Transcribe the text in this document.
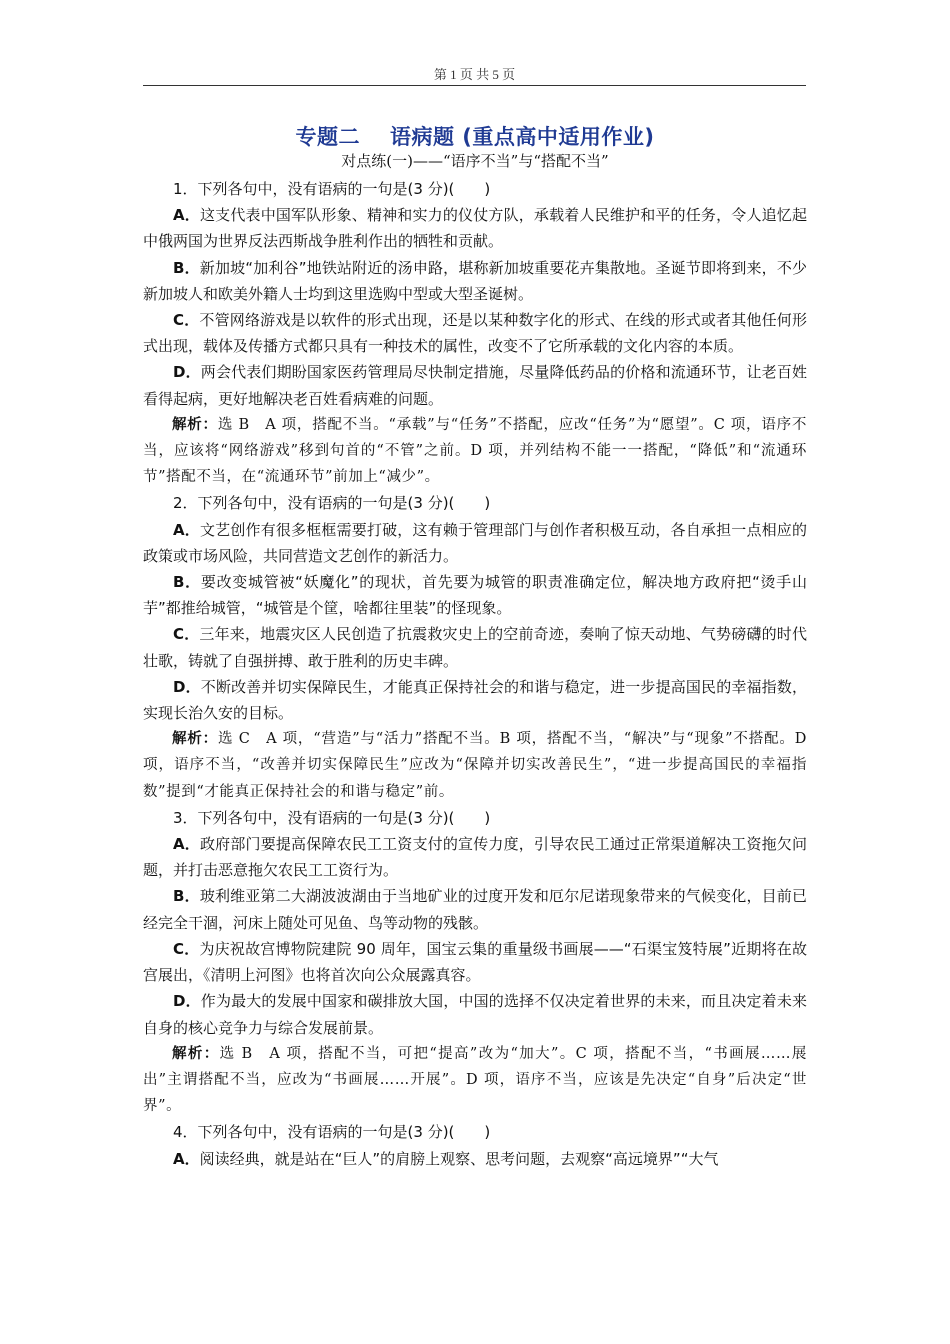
第 1 页 共 5 页
专题二 语病题 (重点高中适用作业)
对点练(一)——“语序不当”与“搭配不当”

1．下列各句中，没有语病的一句是(3 分)(　　)

A．这支代表中国军队形象、精神和实力的仪仗方队，承载着人民维护和平的任务，令人追忆起中俄两国为世界反法西斯战争胜利作出的牺牲和贡献。

B．新加坡“加利谷”地铁站附近的汤申路，堪称新加坡重要花卉集散地。圣诞节即将到来，不少新加坡人和欧美外籍人士均到这里选购中型或大型圣诞树。

C．不管网络游戏是以软件的形式出现，还是以某种数字化的形式、在线的形式或者其他任何形式出现，载体及传播方式都只具有一种技术的属性，改变不了它所承载的文化内容的本质。

D．两会代表们期盼国家医药管理局尽快制定措施，尽量降低药品的价格和流通环节，让老百姓看得起病，更好地解决老百姓看病难的问题。

解析：选 B　A 项，搭配不当。“承载”与“任务”不搭配，应改“任务”为“愿望”。C 项，语序不当，应该将“网络游戏”移到句首的“不管”之前。D 项，并列结构不能一一搭配，“降低”和“流通环节”搭配不当，在“流通环节”前加上“减少”。

2．下列各句中，没有语病的一句是(3 分)(　　)

A．文艺创作有很多框框需要打破，这有赖于管理部门与创作者积极互动，各自承担一点相应的政策或市场风险，共同营造文艺创作的新活力。

B．要改变城管被“妖魔化”的现状，首先要为城管的职责准确定位，解决地方政府把“烫手山芋”都推给城管，“城管是个筐，啥都往里装”的怪现象。

C．三年来，地震灾区人民创造了抗震救灾史上的空前奇迹，奏响了惊天动地、气势磅礴的时代壮歌，铸就了自强拼搏、敢于胜利的历史丰碑。

D．不断改善并切实保障民生，才能真正保持社会的和谐与稳定，进一步提高国民的幸福指数，实现长治久安的目标。

解析：选 C　A 项，“营造”与“活力”搭配不当。B 项，搭配不当，“解决”与“现象”不搭配。D 项，语序不当，“改善并切实保障民生”应改为“保障并切实改善民生”，“进一步提高国民的幸福指数”提到“才能真正保持社会的和谐与稳定”前。

3．下列各句中，没有语病的一句是(3 分)(　　)

A．政府部门要提高保障农民工工资支付的宣传力度，引导农民工通过正常渠道解决工资拖欠问题，并打击恶意拖欠农民工工资行为。

B．玻利维亚第二大湖波波湖由于当地矿业的过度开发和厄尔尼诺现象带来的气候变化，目前已经完全干涸，河床上随处可见鱼、鸟等动物的残骸。

C．为庆祝故宫博物院建院 90 周年，国宝云集的重量级书画展——“石渠宝笈特展”近期将在故宫展出，《清明上河图》也将首次向公众展露真容。

D．作为最大的发展中国家和碳排放大国，中国的选择不仅决定着世界的未来，而且决定着未来自身的核心竞争力与综合发展前景。

解析：选 B　A 项，搭配不当，可把“提高”改为“加大”。C 项，搭配不当，“书画展……展出”主谓搭配不当，应改为“书画展……开展”。D 项，语序不当，应该是先决定“自身”后决定“世界”。

4．下列各句中，没有语病的一句是(3 分)(　　)

A．阅读经典，就是站在“巨人”的肩膀上观察、思考问题，去观察“高远境界”“大气
